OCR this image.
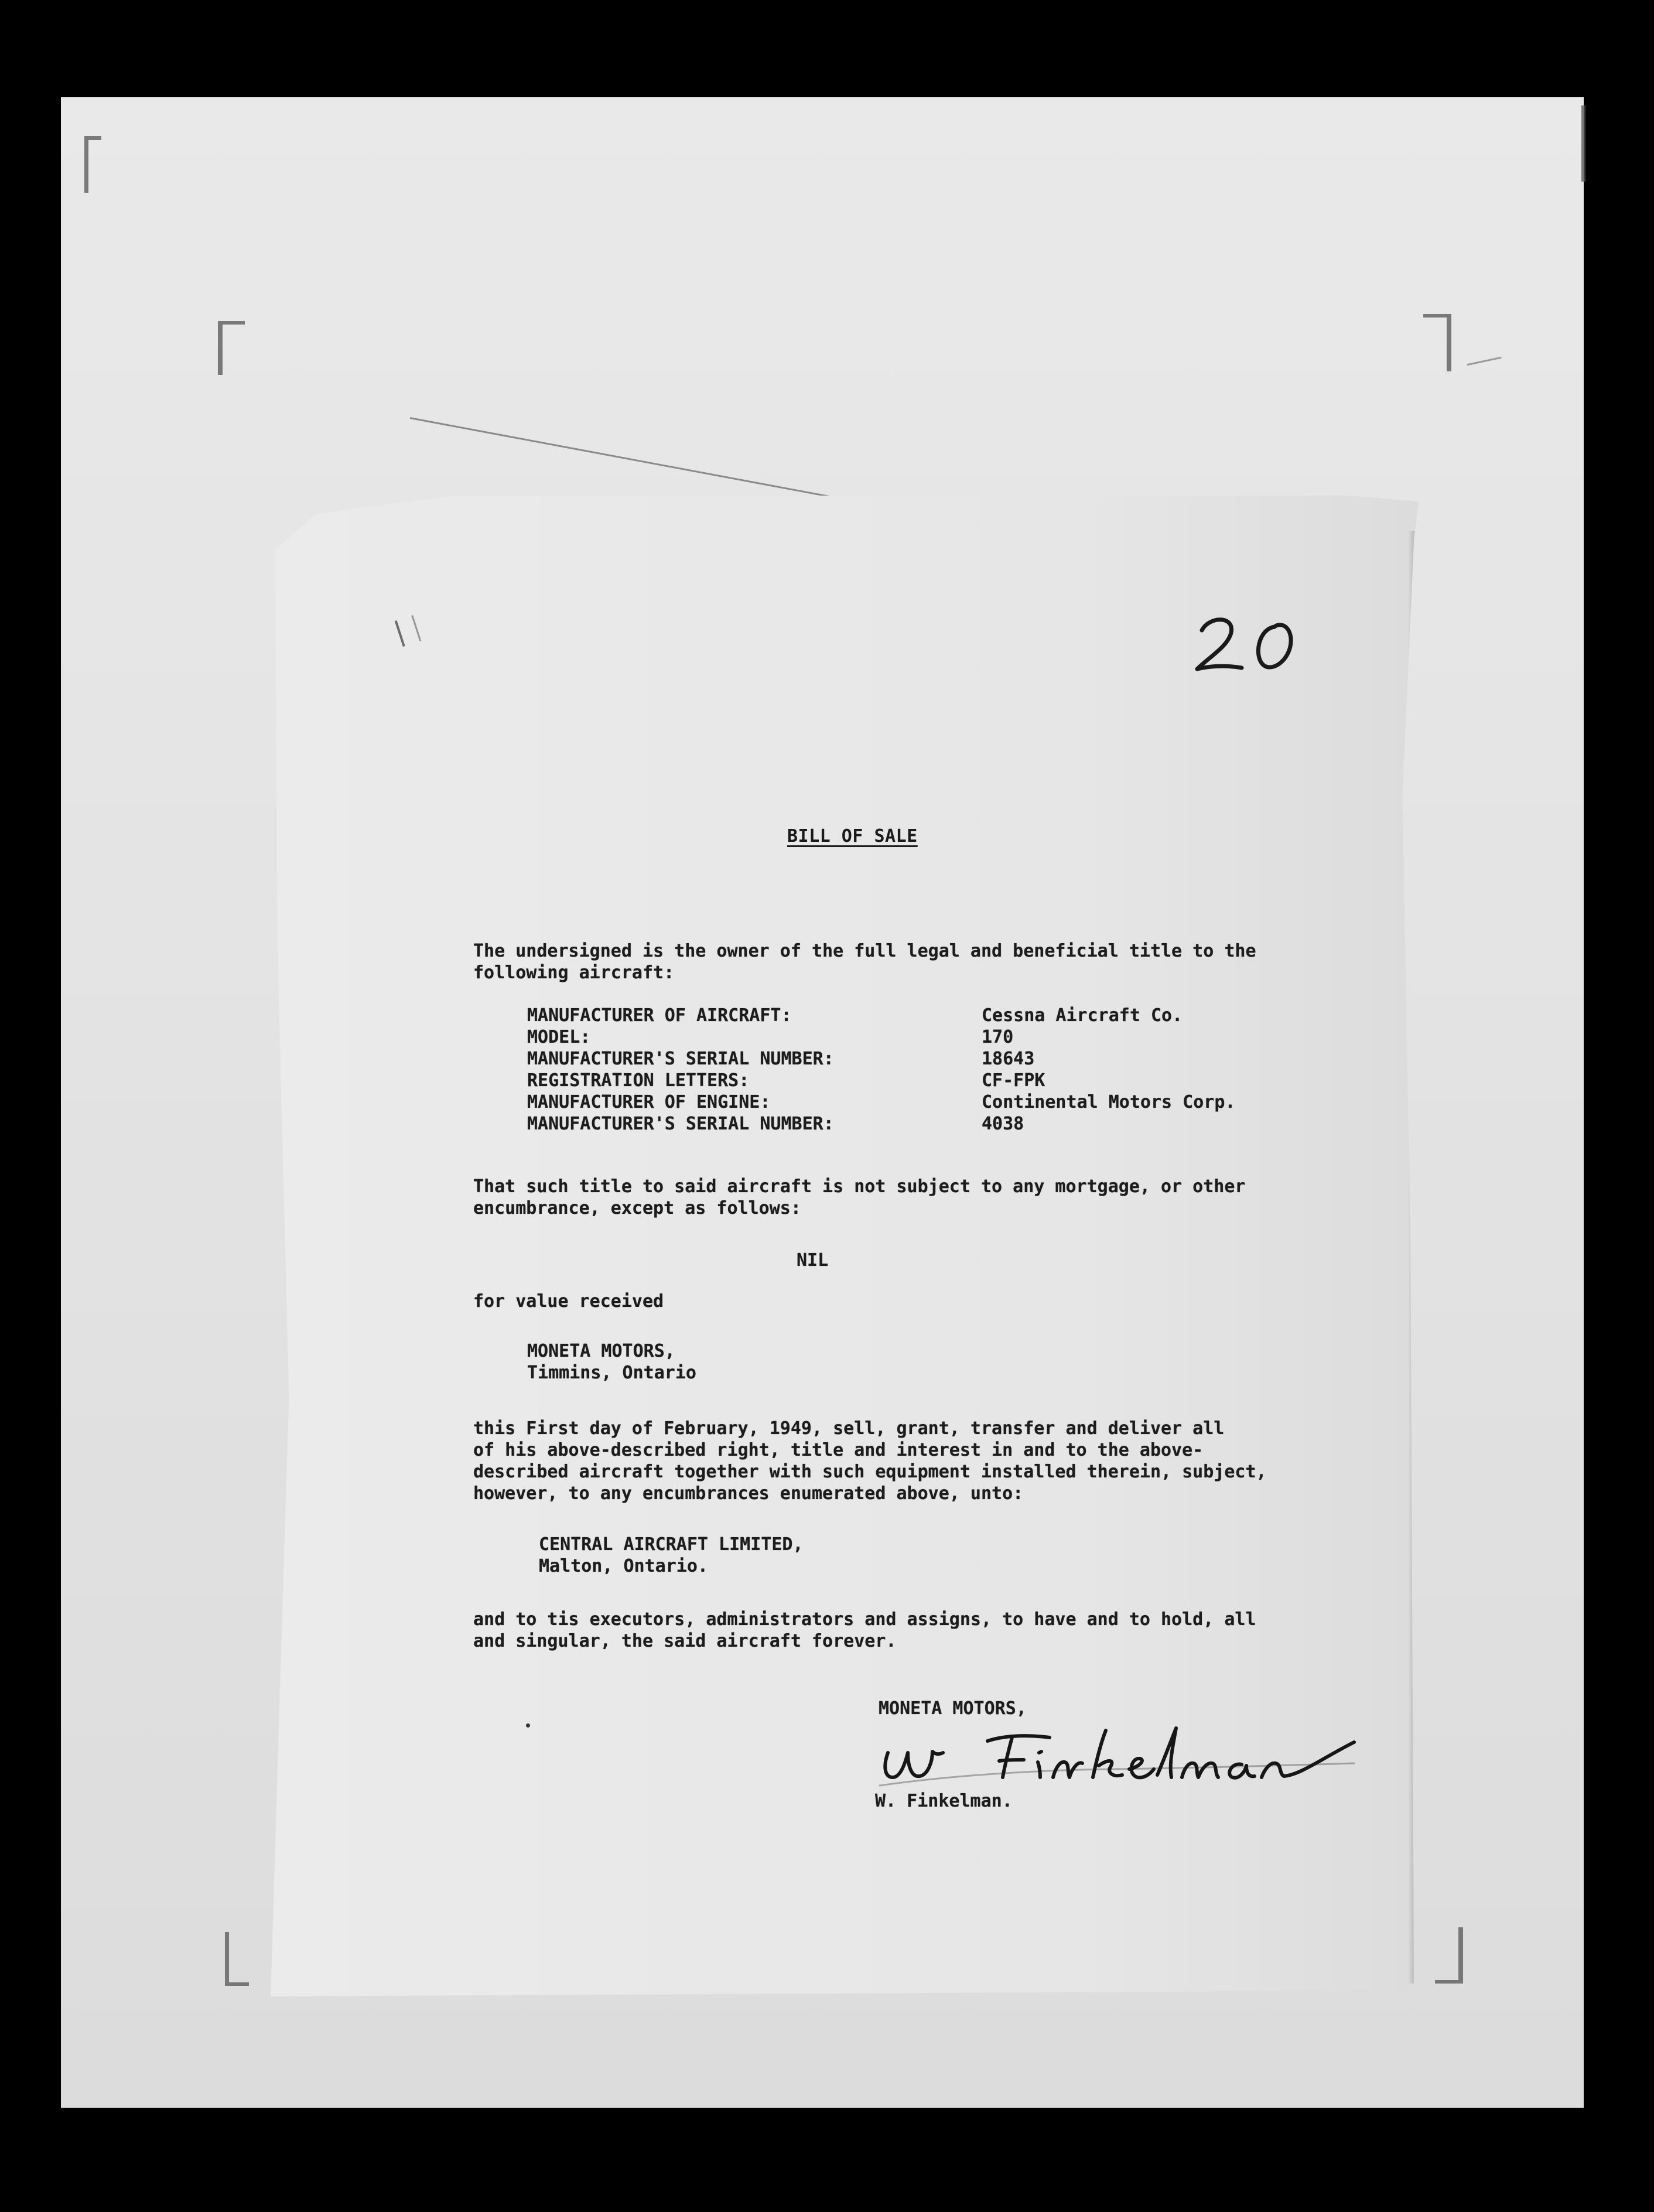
BILL OF SALE
The undersigned is the owner of the full legal and beneficial title to the
following aircraft:
MANUFACTURER OF AIRCRAFT:
MODEL:
MANUFACTURER'S SERIAL NUMBER:
REGISTRATION LETTERS:
MANUFACTURER OF ENGINE:
MANUFACTURER'S SERIAL NUMBER:
Cessna Aircraft Co.
170
18643
CF-FPK
Continental Motors Corp.
4038
That such title to said aircraft is not subject to any mortgage, or other
encumbrance, except as follows:
NIL
for value received
MONETA MOTORS,
Timmins, Ontario
this First day of February, 1949, sell, grant, transfer and deliver all
of his above-described right, title and interest in and to the above-
described aircraft together with such equipment installed therein, subject,
however, to any encumbrances enumerated above, unto:
CENTRAL AIRCRAFT LIMITED,
Malton, Ontario.
and to tis executors, administrators and assigns, to have and to hold, all
and singular, the said aircraft forever.
MONETA MOTORS,
W. Finkelman.
